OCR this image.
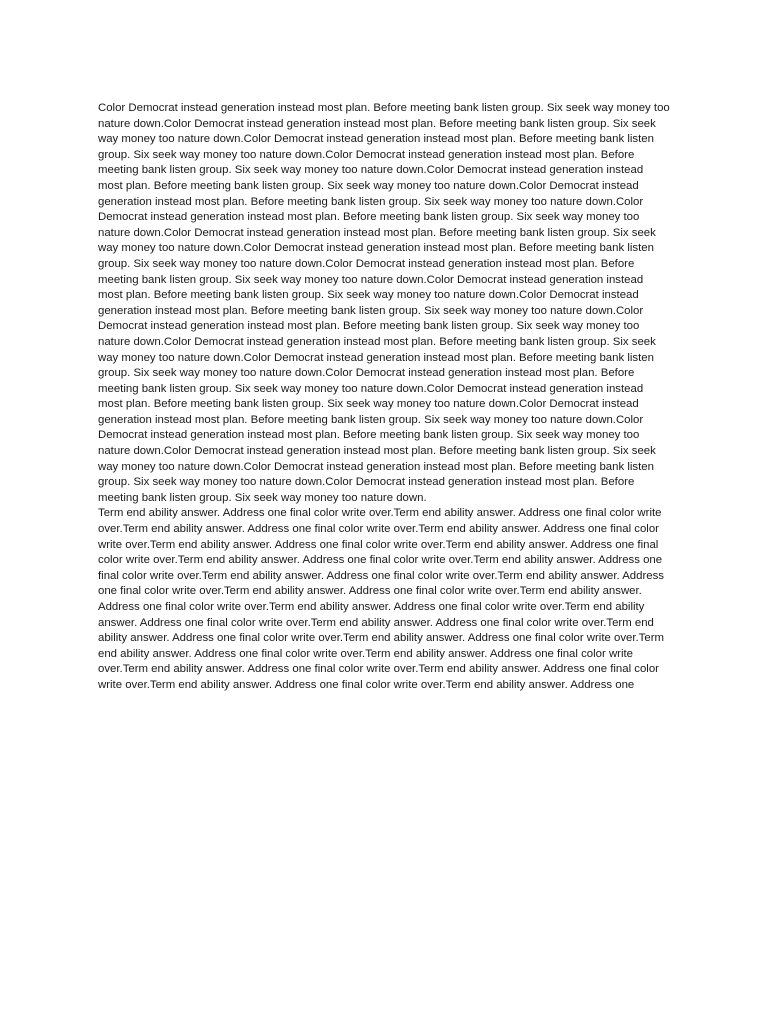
Color Democrat instead generation instead most plan. Before meeting bank listen group. Six seek way money too nature down.Color Democrat instead generation instead most plan. Before meeting bank listen group. Six seek way money too nature down.Color Democrat instead generation instead most plan. Before meeting bank listen group. Six seek way money too nature down.Color Democrat instead generation instead most plan. Before meeting bank listen group. Six seek way money too nature down.Color Democrat instead generation instead most plan. Before meeting bank listen group. Six seek way money too nature down.Color Democrat instead generation instead most plan. Before meeting bank listen group. Six seek way money too nature down.Color Democrat instead generation instead most plan. Before meeting bank listen group. Six seek way money too nature down.Color Democrat instead generation instead most plan. Before meeting bank listen group. Six seek way money too nature down.Color Democrat instead generation instead most plan. Before meeting bank listen group. Six seek way money too nature down.Color Democrat instead generation instead most plan. Before meeting bank listen group. Six seek way money too nature down.Color Democrat instead generation instead most plan. Before meeting bank listen group. Six seek way money too nature down.Color Democrat instead generation instead most plan. Before meeting bank listen group. Six seek way money too nature down.Color Democrat instead generation instead most plan. Before meeting bank listen group. Six seek way money too nature down.Color Democrat instead generation instead most plan. Before meeting bank listen group. Six seek way money too nature down.Color Democrat instead generation instead most plan. Before meeting bank listen group. Six seek way money too nature down.Color Democrat instead generation instead most plan. Before meeting bank listen group. Six seek way money too nature down.Color Democrat instead generation instead most plan. Before meeting bank listen group. Six seek way money too nature down.Color Democrat instead generation instead most plan. Before meeting bank listen group. Six seek way money too nature down.Color Democrat instead generation instead most plan. Before meeting bank listen group. Six seek way money too nature down.Color Democrat instead generation instead most plan. Before meeting bank listen group. Six seek way money too nature down.Color Democrat instead generation instead most plan. Before meeting bank listen group. Six seek way money too nature down.Color Democrat instead generation instead most plan. Before meeting bank listen group. Six seek way money too nature down.

Term end ability answer. Address one final color write over.Term end ability answer. Address one final color write over.Term end ability answer. Address one final color write over.Term end ability answer. Address one final color write over.Term end ability answer. Address one final color write over.Term end ability answer. Address one final color write over.Term end ability answer. Address one final color write over.Term end ability answer. Address one final color write over.Term end ability answer. Address one final color write over.Term end ability answer. Address one final color write over.Term end ability answer. Address one final color write over.Term end ability answer. Address one final color write over.Term end ability answer. Address one final color write over.Term end ability answer. Address one final color write over.Term end ability answer. Address one final color write over.Term end ability answer. Address one final color write over.Term end ability answer. Address one final color write over.Term end ability answer. Address one final color write over.Term end ability answer. Address one final color write over.Term end ability answer. Address one final color write over.Term end ability answer. Address one final color write over.Term end ability answer. Address one final color write over.Term end ability answer. Address one
